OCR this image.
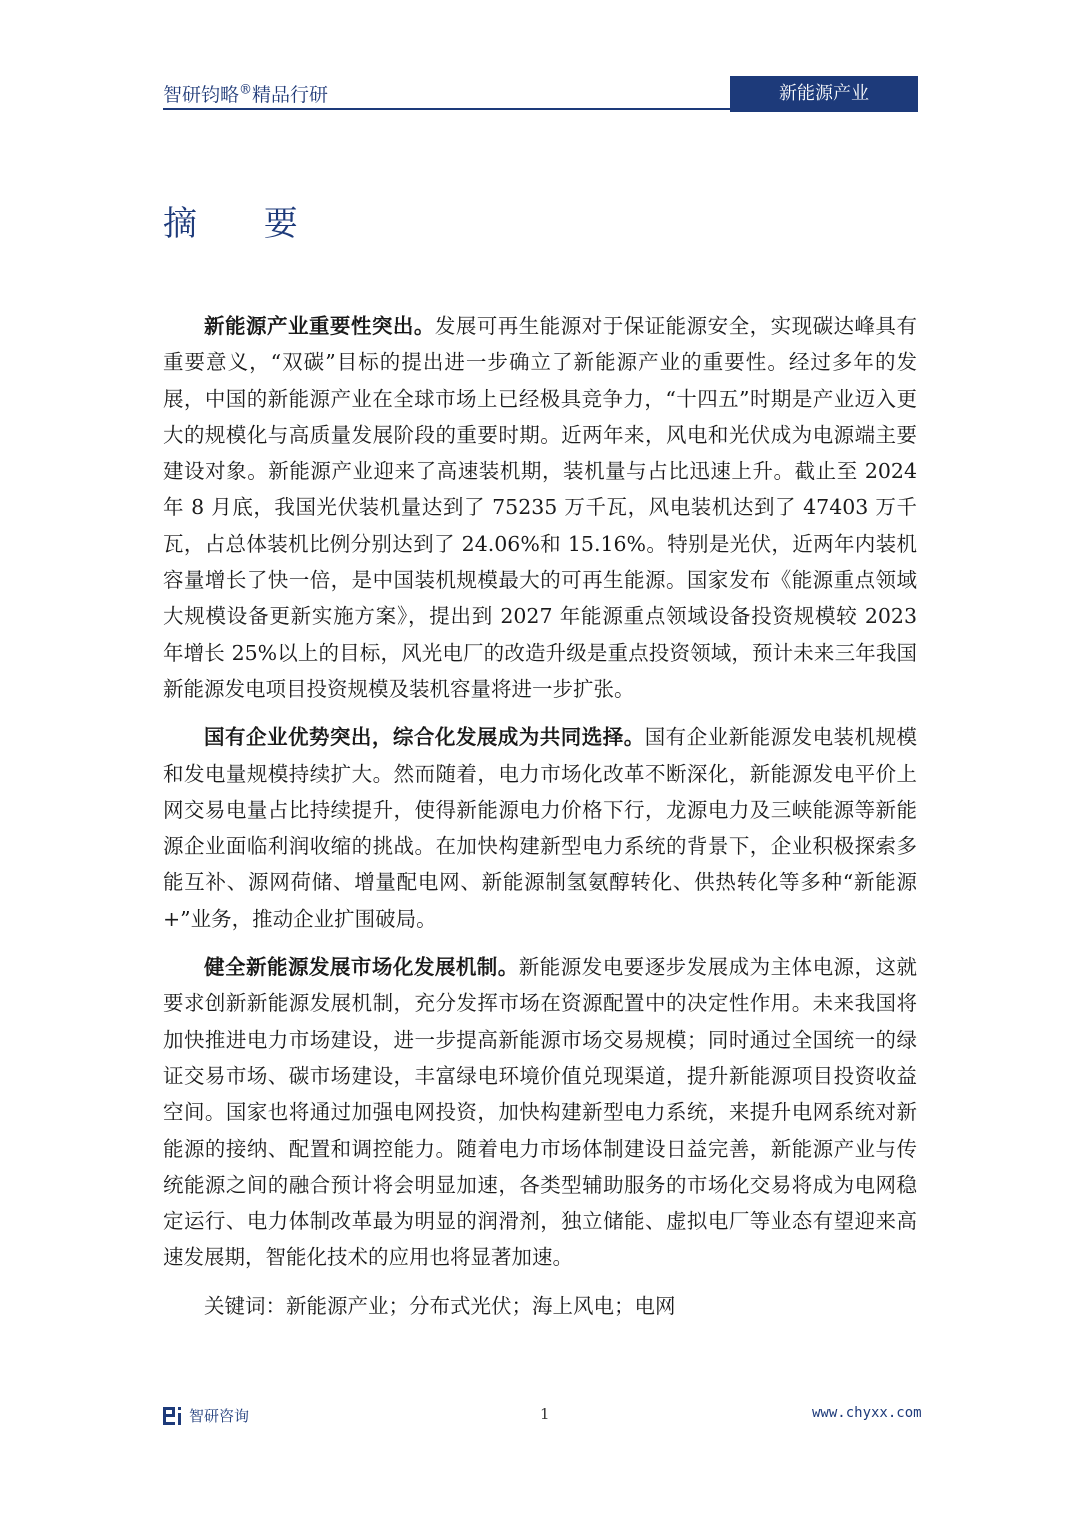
智研钧略®精品行研	新能源产业
摘 要

新能源产业重要性突出。发展可再生能源对于保证能源安全，实现碳达峰具有重要意义，“双碳”目标的提出进一步确立了新能源产业的重要性。经过多年的发展，中国的新能源产业在全球市场上已经极具竞争力，“十四五”时期是产业迈入更大的规模化与高质量发展阶段的重要时期。近两年来，风电和光伏成为电源端主要建设对象。新能源产业迎来了高速装机期，装机量与占比迅速上升。截止至 2024 年 8 月底，我国光伏装机量达到了 75235 万千瓦，风电装机达到了 47403 万千瓦，占总体装机比例分别达到了 24.06%和 15.16%。特别是光伏，近两年内装机容量增长了快一倍，是中国装机规模最大的可再生能源。国家发布《能源重点领域大规模设备更新实施方案》，提出到 2027 年能源重点领域设备投资规模较 2023 年增长 25%以上的目标，风光电厂的改造升级是重点投资领域，预计未来三年我国新能源发电项目投资规模及装机容量将进一步扩张。

国有企业优势突出，综合化发展成为共同选择。国有企业新能源发电装机规模和发电量规模持续扩大。然而随着，电力市场化改革不断深化，新能源发电平价上网交易电量占比持续提升，使得新能源电力价格下行，龙源电力及三峡能源等新能源企业面临利润收缩的挑战。在加快构建新型电力系统的背景下，企业积极探索多能互补、源网荷储、增量配电网、新能源制氢氨醇转化、供热转化等多种“新能源+”业务，推动企业扩围破局。

健全新能源发展市场化发展机制。新能源发电要逐步发展成为主体电源，这就要求创新新能源发展机制，充分发挥市场在资源配置中的决定性作用。未来我国将加快推进电力市场建设，进一步提高新能源市场交易规模；同时通过全国统一的绿证交易市场、碳市场建设，丰富绿电环境价值兑现渠道，提升新能源项目投资收益空间。国家也将通过加强电网投资，加快构建新型电力系统，来提升电网系统对新能源的接纳、配置和调控能力。随着电力市场体制建设日益完善，新能源产业与传统能源之间的融合预计将会明显加速，各类型辅助服务的市场化交易将成为电网稳定运行、电力体制改革最为明显的润滑剂，独立储能、虚拟电厂等业态有望迎来高速发展期，智能化技术的应用也将显著加速。

关键词：新能源产业；分布式光伏；海上风电；电网

智研咨询	1	www.chyxx.com
